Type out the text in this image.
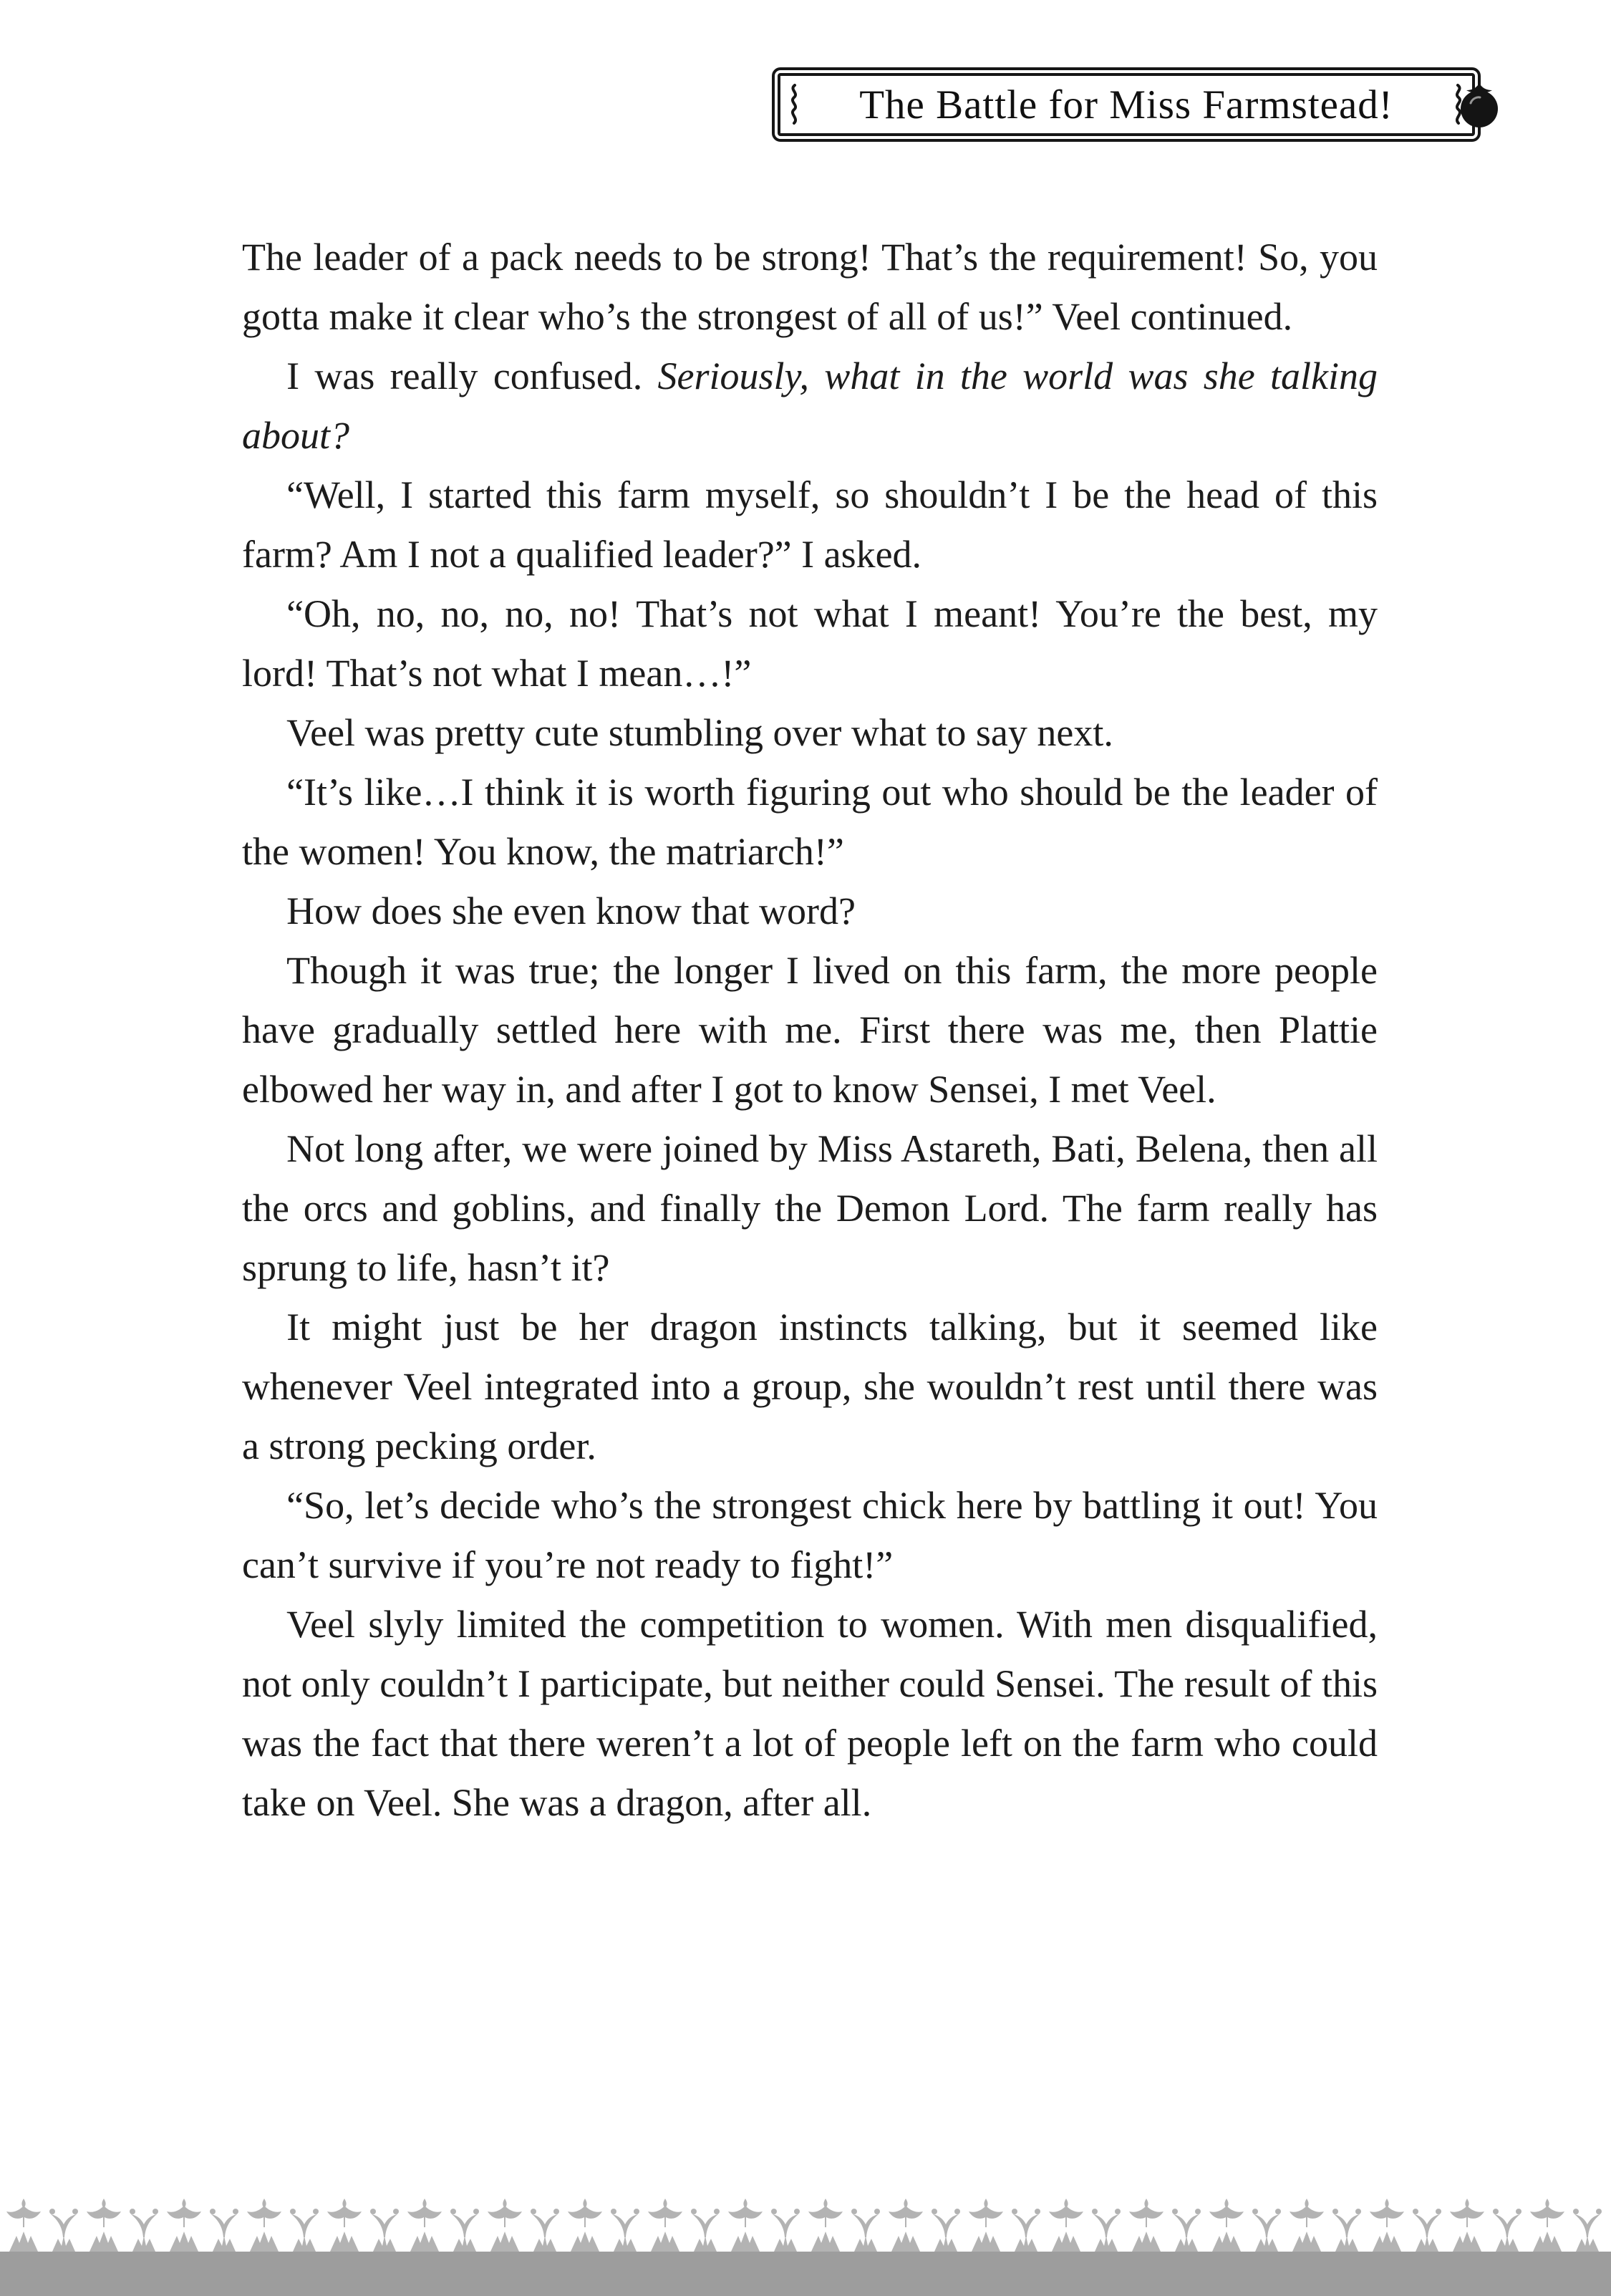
The Battle for Miss Farmstead!

The leader of a pack needs to be strong! That’s the requirement! So, you gotta make it clear who’s the strongest of all of us!” Veel continued.

I was really confused. Seriously, what in the world was she talking about?

“Well, I started this farm myself, so shouldn’t I be the head of this farm? Am I not a qualified leader?” I asked.

“Oh, no, no, no, no! That’s not what I meant! You’re the best, my lord! That’s not what I mean…!”

Veel was pretty cute stumbling over what to say next.

“It’s like…I think it is worth figuring out who should be the leader of the women! You know, the matriarch!”

How does she even know that word?

Though it was true; the longer I lived on this farm, the more people have gradually settled here with me. First there was me, then Plattie elbowed her way in, and after I got to know Sensei, I met Veel.

Not long after, we were joined by Miss Astareth, Bati, Belena, then all the orcs and goblins, and finally the Demon Lord. The farm really has sprung to life, hasn’t it?

It might just be her dragon instincts talking, but it seemed like whenever Veel integrated into a group, she wouldn’t rest until there was a strong pecking order.

“So, let’s decide who’s the strongest chick here by battling it out! You can’t survive if you’re not ready to fight!”

Veel slyly limited the competition to women. With men disqualified, not only couldn’t I participate, but neither could Sensei. The result of this was the fact that there weren’t a lot of people left on the farm who could take on Veel. She was a dragon, after all.
